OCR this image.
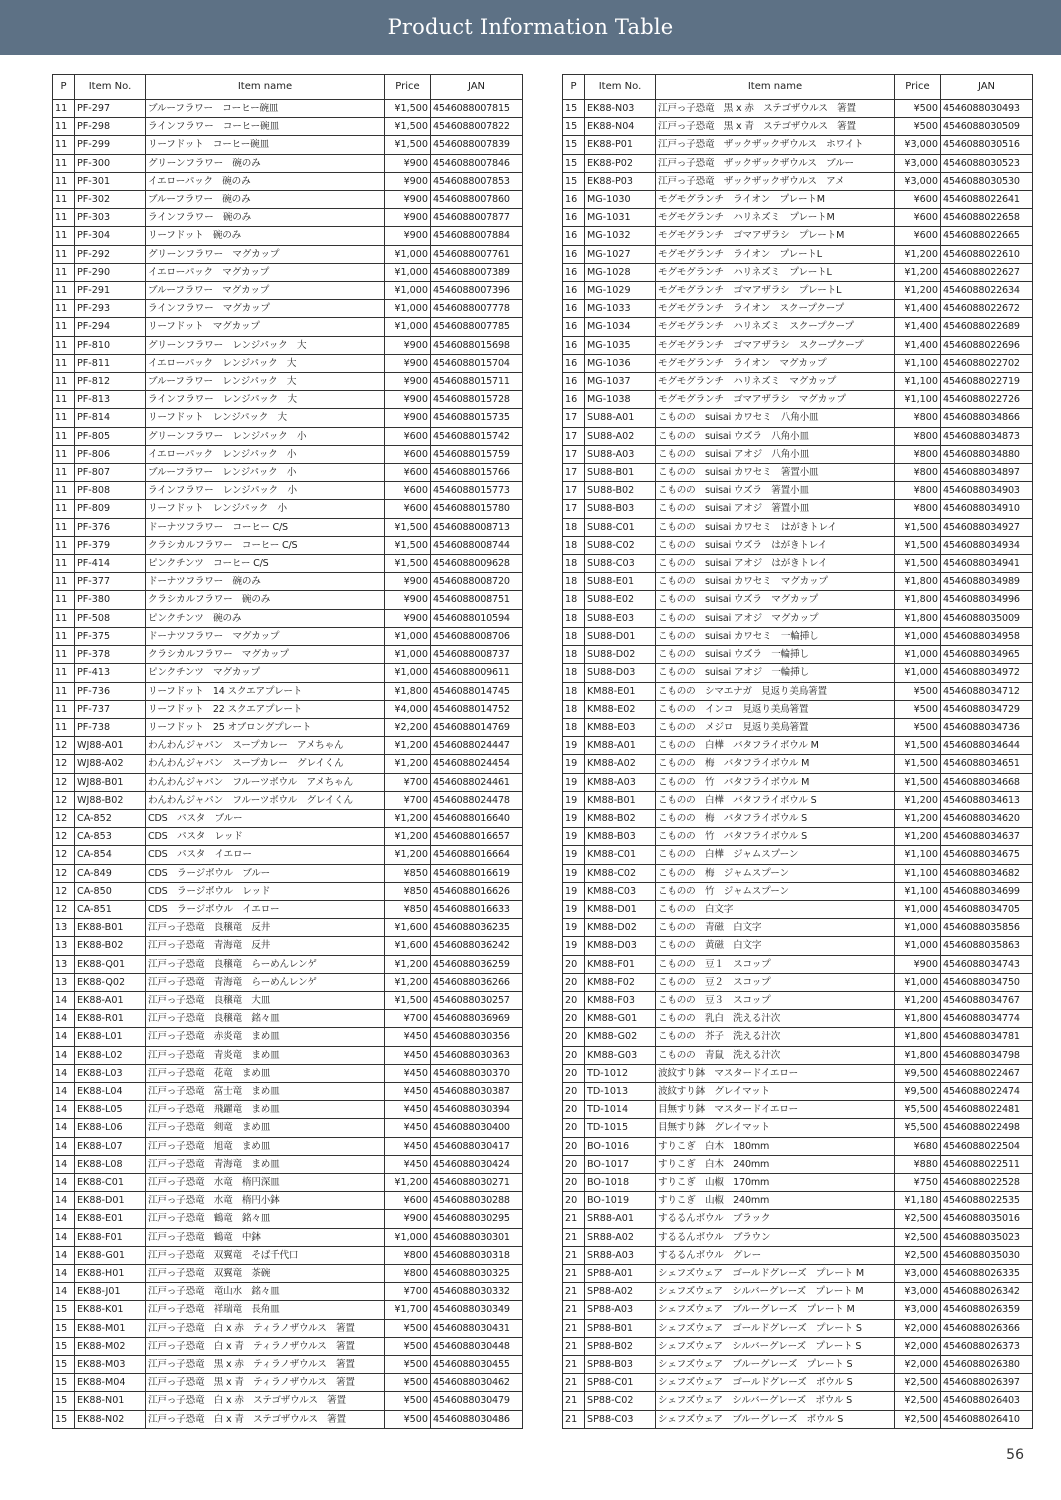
Product Information Table
P	Item No.	Item name	Price	JAN
11	PF-297	ブルーフラワー　コーヒー碗皿	¥1,500	4546088007815
11	PF-298	ラインフラワー　コーヒー碗皿	¥1,500	4546088007822
11	PF-299	リーフドット　コーヒー碗皿	¥1,500	4546088007839
11	PF-300	グリーンフラワー　碗のみ	¥900	4546088007846
11	PF-301	イエローパック　碗のみ	¥900	4546088007853
11	PF-302	ブルーフラワー　碗のみ	¥900	4546088007860
11	PF-303	ラインフラワー　碗のみ	¥900	4546088007877
11	PF-304	リーフドット　碗のみ	¥900	4546088007884
11	PF-292	グリーンフラワー　マグカップ	¥1,000	4546088007761
11	PF-290	イエローパック　マグカップ	¥1,000	4546088007389
11	PF-291	ブルーフラワー　マグカップ	¥1,000	4546088007396
11	PF-293	ラインフラワー　マグカップ	¥1,000	4546088007778
11	PF-294	リーフドット　マグカップ	¥1,000	4546088007785
11	PF-810	グリーンフラワー　レンジパック　大	¥900	4546088015698
11	PF-811	イエローパック　レンジパック　大	¥900	4546088015704
11	PF-812	ブルーフラワー　レンジパック　大	¥900	4546088015711
11	PF-813	ラインフラワー　レンジパック　大	¥900	4546088015728
11	PF-814	リーフドット　レンジパック　大	¥900	4546088015735
11	PF-805	グリーンフラワー　レンジパック　小	¥600	4546088015742
11	PF-806	イエローパック　レンジパック　小	¥600	4546088015759
11	PF-807	ブルーフラワー　レンジパック　小	¥600	4546088015766
11	PF-808	ラインフラワー　レンジパック　小	¥600	4546088015773
11	PF-809	リーフドット　レンジパック　小	¥600	4546088015780
11	PF-376	ドーナツフラワー　コーヒー C/S	¥1,500	4546088008713
11	PF-379	クラシカルフラワー　コーヒー C/S	¥1,500	4546088008744
11	PF-414	ピンクチンツ　コーヒー C/S	¥1,500	4546088009628
11	PF-377	ドーナツフラワー　碗のみ	¥900	4546088008720
11	PF-380	クラシカルフラワー　碗のみ	¥900	4546088008751
11	PF-508	ピンクチンツ　碗のみ	¥900	4546088010594
11	PF-375	ドーナツフラワー　マグカップ	¥1,000	4546088008706
11	PF-378	クラシカルフラワー　マグカップ	¥1,000	4546088008737
11	PF-413	ピンクチンツ　マグカップ	¥1,000	4546088009611
11	PF-736	リーフドット　14 スクエアプレート	¥1,800	4546088014745
11	PF-737	リーフドット　22 スクエアプレート	¥4,000	4546088014752
11	PF-738	リーフドット　25 オブロングプレート	¥2,200	4546088014769
12	WJ88-A01	わんわんジャパン　スープカレー　アメちゃん	¥1,200	4546088024447
12	WJ88-A02	わんわんジャパン　スープカレー　グレイくん	¥1,200	4546088024454
12	WJ88-B01	わんわんジャパン　フルーツボウル　アメちゃん	¥700	4546088024461
12	WJ88-B02	わんわんジャパン　フルーツボウル　グレイくん	¥700	4546088024478
12	CA-852	CDS　パスタ　ブルー	¥1,200	4546088016640
12	CA-853	CDS　パスタ　レッド	¥1,200	4546088016657
12	CA-854	CDS　パスタ　イエロー	¥1,200	4546088016664
12	CA-849	CDS　ラージボウル　ブルー	¥850	4546088016619
12	CA-850	CDS　ラージボウル　レッド	¥850	4546088016626
12	CA-851	CDS　ラージボウル　イエロー	¥850	4546088016633
13	EK88-B01	江戸っ子恐竜　良穣竜　反井	¥1,600	4546088036235
13	EK88-B02	江戸っ子恐竜　青海竜　反井	¥1,600	4546088036242
13	EK88-Q01	江戸っ子恐竜　良穣竜　らーめんレンゲ	¥1,200	4546088036259
13	EK88-Q02	江戸っ子恐竜　青海竜　らーめんレンゲ	¥1,200	4546088036266
14	EK88-A01	江戸っ子恐竜　良穣竜　大皿	¥1,500	4546088030257
14	EK88-R01	江戸っ子恐竜　良穣竜　銘々皿	¥700	4546088036969
14	EK88-L01	江戸っ子恐竜　赤炎竜　まめ皿	¥450	4546088030356
14	EK88-L02	江戸っ子恐竜　青炎竜　まめ皿	¥450	4546088030363
14	EK88-L03	江戸っ子恐竜　花竜　まめ皿	¥450	4546088030370
14	EK88-L04	江戸っ子恐竜　富士竜　まめ皿	¥450	4546088030387
14	EK88-L05	江戸っ子恐竜　飛躍竜　まめ皿	¥450	4546088030394
14	EK88-L06	江戸っ子恐竜　剣竜　まめ皿	¥450	4546088030400
14	EK88-L07	江戸っ子恐竜　旭竜　まめ皿	¥450	4546088030417
14	EK88-L08	江戸っ子恐竜　青海竜　まめ皿	¥450	4546088030424
14	EK88-C01	江戸っ子恐竜　水竜　楕円深皿	¥1,200	4546088030271
14	EK88-D01	江戸っ子恐竜　水竜　楕円小鉢	¥600	4546088030288
14	EK88-E01	江戸っ子恐竜　鶴竜　銘々皿	¥900	4546088030295
14	EK88-F01	江戸っ子恐竜　鶴竜　中鉢	¥1,000	4546088030301
14	EK88-G01	江戸っ子恐竜　双翼竜　そば千代口	¥800	4546088030318
14	EK88-H01	江戸っ子恐竜　双翼竜　茶碗	¥800	4546088030325
14	EK88-J01	江戸っ子恐竜　竜山水　銘々皿	¥700	4546088030332
15	EK88-K01	江戸っ子恐竜　祥瑞竜　長角皿	¥1,700	4546088030349
15	EK88-M01	江戸っ子恐竜　白 x 赤　ティラノザウルス　箸置	¥500	4546088030431
15	EK88-M02	江戸っ子恐竜　白 x 青　ティラノザウルス　箸置	¥500	4546088030448
15	EK88-M03	江戸っ子恐竜　黒 x 赤　ティラノザウルス　箸置	¥500	4546088030455
15	EK88-M04	江戸っ子恐竜　黒 x 青　ティラノザウルス　箸置	¥500	4546088030462
15	EK88-N01	江戸っ子恐竜　白 x 赤　ステゴザウルス　箸置	¥500	4546088030479
15	EK88-N02	江戸っ子恐竜　白 x 青　ステゴザウルス　箸置	¥500	4546088030486
P	Item No.	Item name	Price	JAN
15	EK88-N03	江戸っ子恐竜　黒 x 赤　ステゴザウルス　箸置	¥500	4546088030493
15	EK88-N04	江戸っ子恐竜　黒 x 青　ステゴザウルス　箸置	¥500	4546088030509
15	EK88-P01	江戸っ子恐竜　ザックザックザウルス　ホワイト	¥3,000	4546088030516
15	EK88-P02	江戸っ子恐竜　ザックザックザウルス　ブルー	¥3,000	4546088030523
15	EK88-P03	江戸っ子恐竜　ザックザックザウルス　アメ	¥3,000	4546088030530
16	MG-1030	モグモグランチ　ライオン　プレートM	¥600	4546088022641
16	MG-1031	モグモグランチ　ハリネズミ　プレートM	¥600	4546088022658
16	MG-1032	モグモグランチ　ゴマアザラシ　プレートM	¥600	4546088022665
16	MG-1027	モグモグランチ　ライオン　プレートL	¥1,200	4546088022610
16	MG-1028	モグモグランチ　ハリネズミ　プレートL	¥1,200	4546088022627
16	MG-1029	モグモグランチ　ゴマアザラシ　プレートL	¥1,200	4546088022634
16	MG-1033	モグモグランチ　ライオン　スクープクープ	¥1,400	4546088022672
16	MG-1034	モグモグランチ　ハリネズミ　スクープクープ	¥1,400	4546088022689
16	MG-1035	モグモグランチ　ゴマアザラシ　スクープクープ	¥1,400	4546088022696
16	MG-1036	モグモグランチ　ライオン　マグカップ	¥1,100	4546088022702
16	MG-1037	モグモグランチ　ハリネズミ　マグカップ	¥1,100	4546088022719
16	MG-1038	モグモグランチ　ゴマアザラシ　マグカップ	¥1,100	4546088022726
17	SU88-A01	こものの　suisai カワセミ　八角小皿	¥800	4546088034866
17	SU88-A02	こものの　suisai ウズラ　八角小皿	¥800	4546088034873
17	SU88-A03	こものの　suisai アオジ　八角小皿	¥800	4546088034880
17	SU88-B01	こものの　suisai カワセミ　箸置小皿	¥800	4546088034897
17	SU88-B02	こものの　suisai ウズラ　箸置小皿	¥800	4546088034903
17	SU88-B03	こものの　suisai アオジ　箸置小皿	¥800	4546088034910
18	SU88-C01	こものの　suisai カワセミ　はがきトレイ	¥1,500	4546088034927
18	SU88-C02	こものの　suisai ウズラ　はがきトレイ	¥1,500	4546088034934
18	SU88-C03	こものの　suisai アオジ　はがきトレイ	¥1,500	4546088034941
18	SU88-E01	こものの　suisai カワセミ　マグカップ	¥1,800	4546088034989
18	SU88-E02	こものの　suisai ウズラ　マグカップ	¥1,800	4546088034996
18	SU88-E03	こものの　suisai アオジ　マグカップ	¥1,800	4546088035009
18	SU88-D01	こものの　suisai カワセミ　一輪挿し	¥1,000	4546088034958
18	SU88-D02	こものの　suisai ウズラ　一輪挿し	¥1,000	4546088034965
18	SU88-D03	こものの　suisai アオジ　一輪挿し	¥1,000	4546088034972
18	KM88-E01	こものの　シマエナガ　見返り美鳥箸置	¥500	4546088034712
18	KM88-E02	こものの　インコ　見返り美鳥箸置	¥500	4546088034729
18	KM88-E03	こものの　メジロ　見返り美鳥箸置	¥500	4546088034736
19	KM88-A01	こものの　白樺　バタフライボウル M	¥1,500	4546088034644
19	KM88-A02	こものの　梅　バタフライボウル M	¥1,500	4546088034651
19	KM88-A03	こものの　竹　バタフライボウル M	¥1,500	4546088034668
19	KM88-B01	こものの　白樺　バタフライボウル S	¥1,200	4546088034613
19	KM88-B02	こものの　梅　バタフライボウル S	¥1,200	4546088034620
19	KM88-B03	こものの　竹　バタフライボウル S	¥1,200	4546088034637
19	KM88-C01	こものの　白樺　ジャムスプーン	¥1,100	4546088034675
19	KM88-C02	こものの　梅　ジャムスプーン	¥1,100	4546088034682
19	KM88-C03	こものの　竹　ジャムスプーン	¥1,100	4546088034699
19	KM88-D01	こものの　白文字	¥1,000	4546088034705
19	KM88-D02	こものの　青磁　白文字	¥1,000	4546088035856
19	KM88-D03	こものの　黄磁　白文字	¥1,000	4546088035863
20	KM88-F01	こものの　豆１　スコップ	¥900	4546088034743
20	KM88-F02	こものの　豆２　スコップ	¥1,000	4546088034750
20	KM88-F03	こものの　豆３　スコップ	¥1,200	4546088034767
20	KM88-G01	こものの　乳白　洗える汁次	¥1,800	4546088034774
20	KM88-G02	こものの　芥子　洗える汁次	¥1,800	4546088034781
20	KM88-G03	こものの　青鼠　洗える汁次	¥1,800	4546088034798
20	TD-1012	波紋すり鉢　マスタードイエロー	¥9,500	4546088022467
20	TD-1013	波紋すり鉢　グレイマット	¥9,500	4546088022474
20	TD-1014	目無すり鉢　マスタードイエロー	¥5,500	4546088022481
20	TD-1015	目無すり鉢　グレイマット	¥5,500	4546088022498
20	BO-1016	すりこぎ　白木　180mm	¥680	4546088022504
20	BO-1017	すりこぎ　白木　240mm	¥880	4546088022511
20	BO-1018	すりこぎ　山椒　170mm	¥750	4546088022528
20	BO-1019	すりこぎ　山椒　240mm	¥1,180	4546088022535
21	SR88-A01	するるんボウル　ブラック	¥2,500	4546088035016
21	SR88-A02	するるんボウル　ブラウン	¥2,500	4546088035023
21	SR88-A03	するるんボウル　グレー	¥2,500	4546088035030
21	SP88-A01	シェフズウェア　ゴールドグレーズ　プレート M	¥3,000	4546088026335
21	SP88-A02	シェフズウェア　シルバーグレーズ　プレート M	¥3,000	4546088026342
21	SP88-A03	シェフズウェア　ブルーグレーズ　プレート M	¥3,000	4546088026359
21	SP88-B01	シェフズウェア　ゴールドグレーズ　プレート S	¥2,000	4546088026366
21	SP88-B02	シェフズウェア　シルバーグレーズ　プレート S	¥2,000	4546088026373
21	SP88-B03	シェフズウェア　ブルーグレーズ　プレート S	¥2,000	4546088026380
21	SP88-C01	シェフズウェア　ゴールドグレーズ　ボウル S	¥2,500	4546088026397
21	SP88-C02	シェフズウェア　シルバーグレーズ　ボウル S	¥2,500	4546088026403
21	SP88-C03	シェフズウェア　ブルーグレーズ　ボウル S	¥2,500	4546088026410
56
